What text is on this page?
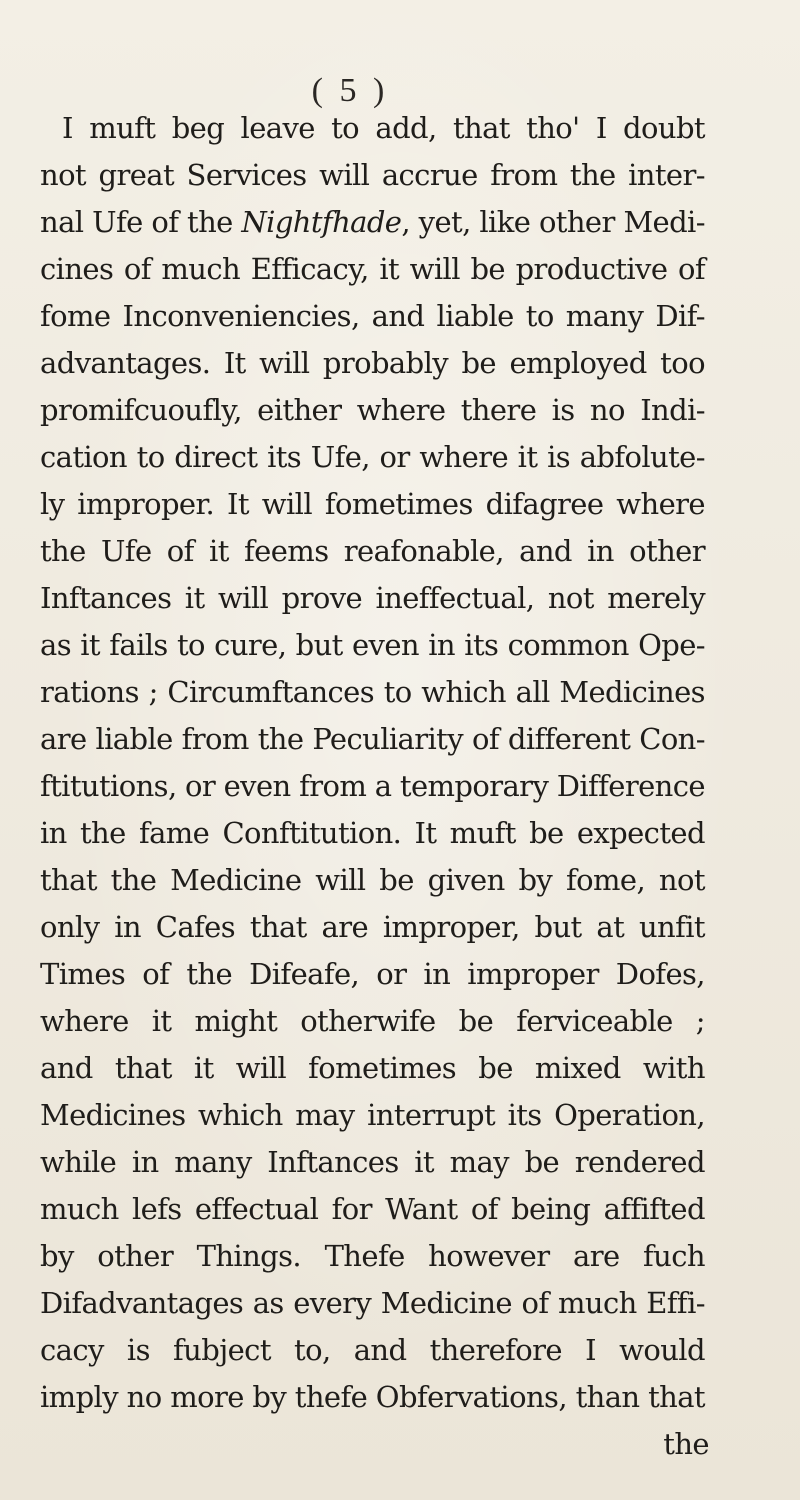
( 5 )
I muft beg leave to add, that tho' I doubt
not great Services will accrue from the inter-
nal Ufe of the Nightfhade, yet, like other Medi-
cines of much Efficacy, it will be productive of
fome Inconveniencies, and liable to many Dif-
advantages. It will probably be employed too
promifcuoufly, either where there is no Indi-
cation to direct its Ufe, or where it is abfolute-
ly improper. It will fometimes difagree where
the Ufe of it feems reafonable, and in other
Inftances it will prove ineffectual, not merely
as it fails to cure, but even in its common Ope-
rations ; Circumftances to which all Medicines
are liable from the Peculiarity of different Con-
ftitutions, or even from a temporary Difference
in the fame Conftitution. It muft be expected
that the Medicine will be given by fome, not
only in Cafes that are improper, but at unfit
Times of the Difeafe, or in improper Dofes,
where it might otherwife be ferviceable ;
and that it will fometimes be mixed with
Medicines which may interrupt its Operation,
while in many Inftances it may be rendered
much lefs effectual for Want of being affifted
by other Things. Thefe however are fuch
Difadvantages as every Medicine of much Effi-
cacy is fubject to, and therefore I would
imply no more by thefe Obfervations, than that
the
